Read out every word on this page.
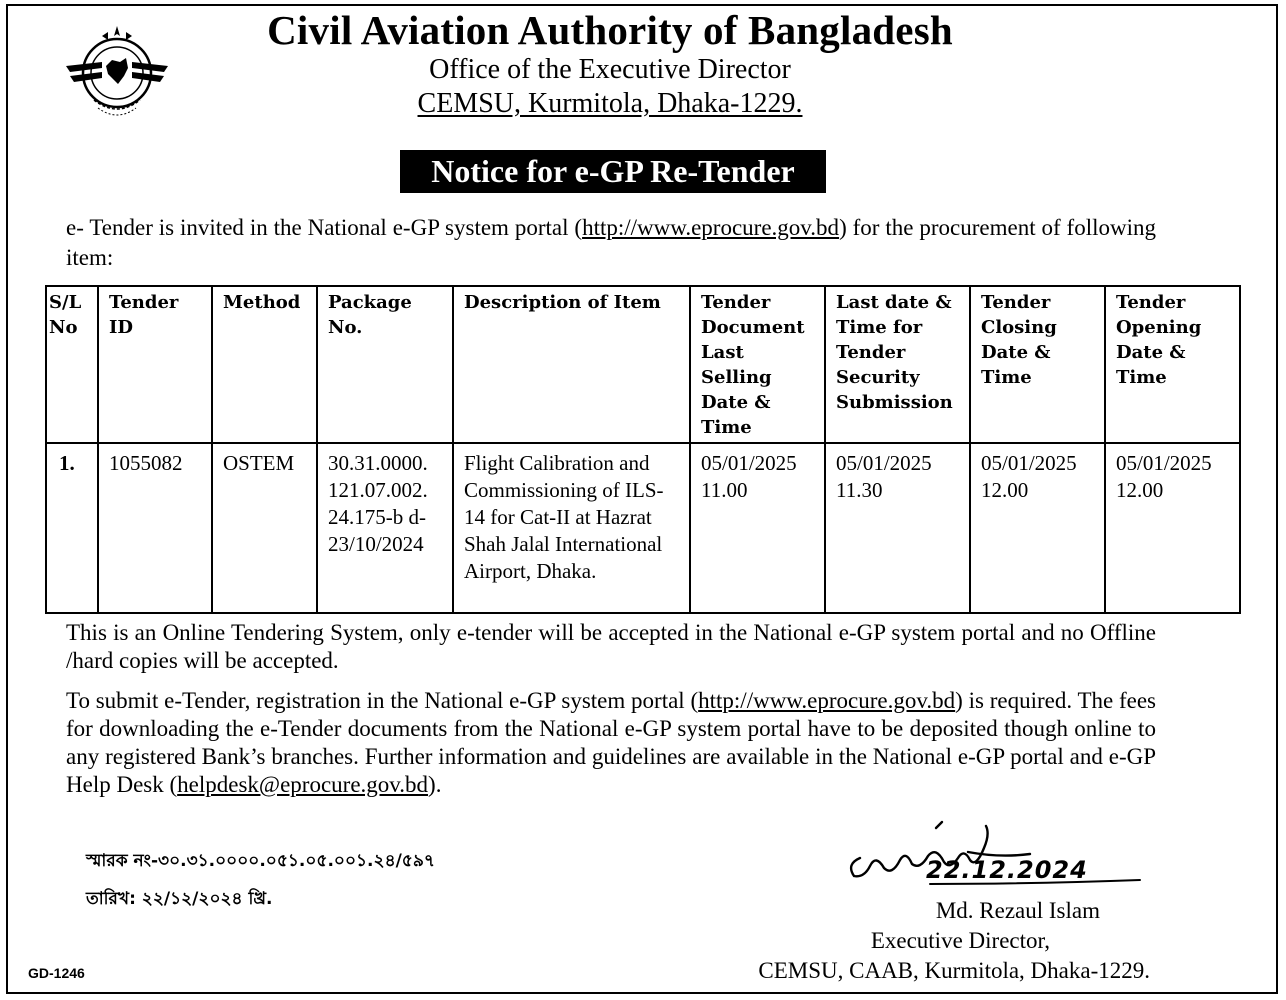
Civil Aviation Authority of Bangladesh
Office of the Executive Director
CEMSU, Kurmitola, Dhaka-1229.
Notice for e-GP Re-Tender
e- Tender is invited in the National e-GP system portal (http://www.eprocure.gov.bd) for the procurement of following item:
S/L No	Tender ID	Method	Package No.	Description of Item	Tender Document Last Selling Date & Time	Last date & Time for Tender Security Submission	Tender Closing Date & Time	Tender Opening Date & Time
1.	1055082	OSTEM	30.31.0000. 121.07.002. 24.175-b d- 23/10/2024	Flight Calibration and Commissioning of ILS-14 for Cat-II at Hazrat Shah Jalal International Airport, Dhaka.	05/01/2025 11.00	05/01/2025 11.30	05/01/2025 12.00	05/01/2025 12.00
This is an Online Tendering System, only e-tender will be accepted in the National e-GP system portal and no Offline /hard copies will be accepted.
To submit e-Tender, registration in the National e-GP system portal (http://www.eprocure.gov.bd) is required. The fees for downloading the e-Tender documents from the National e-GP system portal have to be deposited though online to any registered Bank’s branches. Further information and guidelines are available in the National e-GP portal and e-GP Help Desk (helpdesk@eprocure.gov.bd).
স্মারক নং-৩০.৩১.০০০০.০৫১.০৫.০০১.২৪/৫৯৭
তারিখ: ২২/১২/২০২৪ খ্রি.
22.12.2024
Md. Rezaul Islam
Executive Director,
CEMSU, CAAB, Kurmitola, Dhaka-1229.
GD-1246
